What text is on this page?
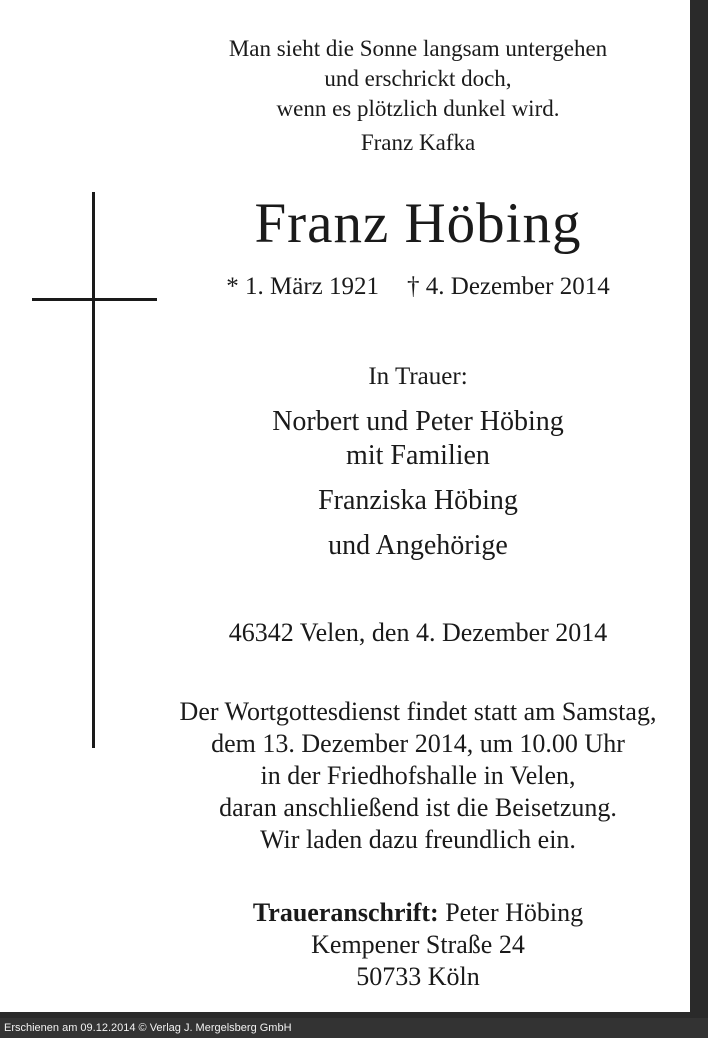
Man sieht die Sonne langsam untergehen
und erschrickt doch,
wenn es plötzlich dunkel wird.
Franz Kafka
Franz Höbing
* 1. März 1921 † 4. Dezember 2014
In Trauer:
Norbert und Peter Höbing
mit Familien
Franziska Höbing
und Angehörige
46342 Velen, den 4. Dezember 2014
Der Wortgottesdienst findet statt am Samstag,
dem 13. Dezember 2014, um 10.00 Uhr
in der Friedhofshalle in Velen,
daran anschließend ist die Beisetzung.
Wir laden dazu freundlich ein.
Traueranschrift: Peter Höbing
Kempener Straße 24
50733 Köln
Erschienen am 09.12.2014 © Verlag J. Mergelsberg GmbH
